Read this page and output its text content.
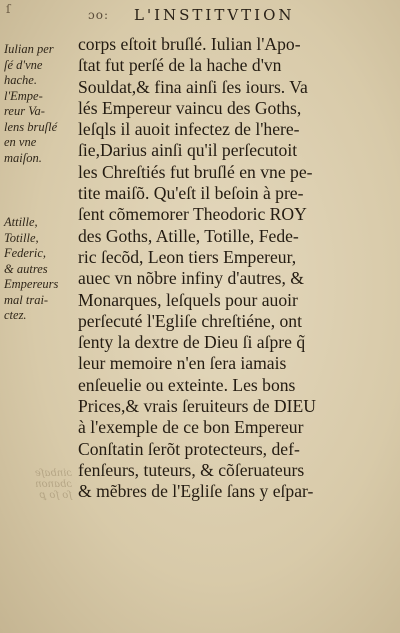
ſ	ɔo: L'INSTITVTION
Iulian per
ſé d'vne
hache.
l'Empe-
reur Va-
lens bruſlé
en vne
maiſon.
Attille,
Totille,
Federic,
& autres
Empereurs
mal trai-
ctez.
corps eſtoit bruſlé. Iulian l'Apo-
ſtat fut perſé de la hache d'vn
Souldat,& fina ainſi ſes iours. Va
lés Empereur vaincu des Goths,
leſqls il auoit infectez de l'here-
ſie,Darius ainſi qu'il perſecutoit
les Chreſtiés fut bruſlé en vne pe-
tite maiſõ. Qu'eſt il beſoin à pre-
ſent cõmemorer Theodoric ROY
des Goths, Atille, Totille, Fede-
ric ſecõd, Leon tiers Empereur,
auec vn nõbre infiny d'autres, &
Monarques, leſquels pour auoir
perſecuté l'Egliſe chreſtiéne, ont
ſenty la dextre de Dieu ſi aſpre q̃
leur memoire n'en ſera iamais
enſeuelie ou exteinte. Les bons
Prices,& vrais ſeruiteurs de DIEU
à l'exemple de ce bon Empereur
Conſtatin ſerõt protecteurs, def-
fenſeurs, tuteurs, & cõſeruateurs
& mẽbres de l'Egliſe ſans y eſpar-
ɔinbaſe
ɔbanon
ſo ſo ꝑ
